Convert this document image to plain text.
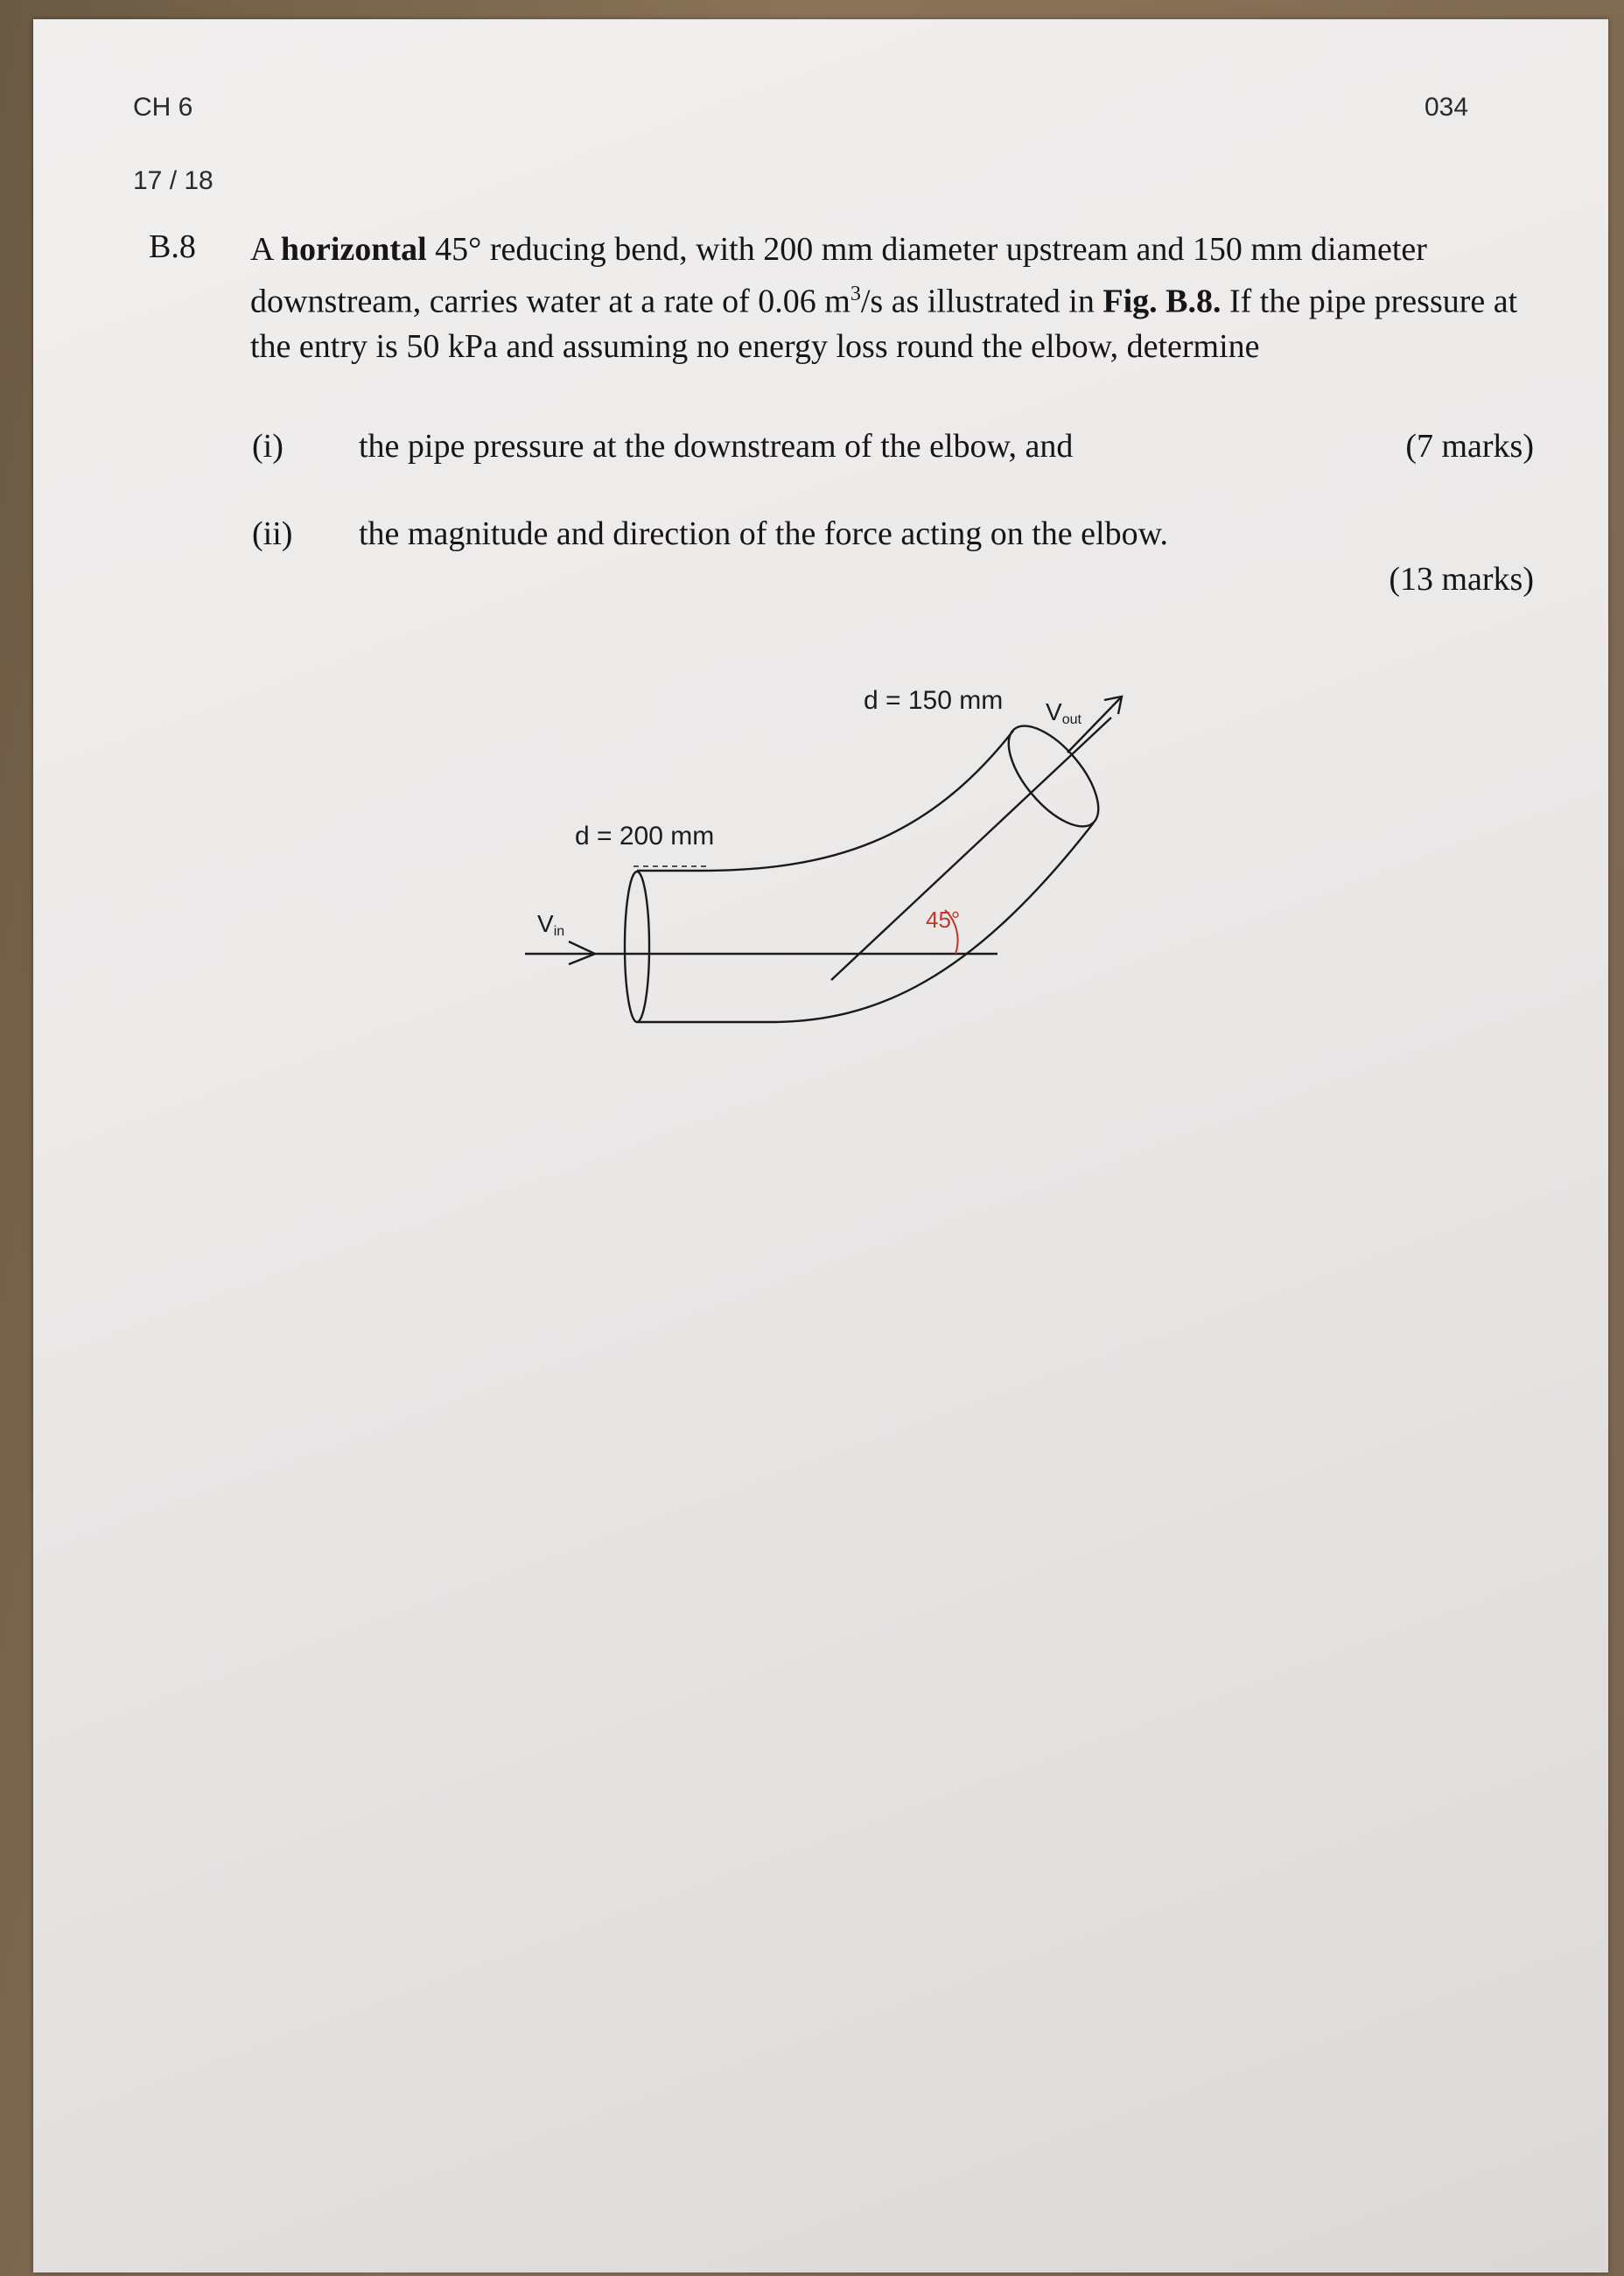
CH 6	034
17 / 18
B.8 A horizontal 45° reducing bend, with 200 mm diameter upstream and 150 mm diameter downstream, carries water at a rate of 0.06 $m^3/s$ as illustrated in Fig. B.8. If the pipe pressure at the entry is 50 kPa and assuming no energy loss round the elbow, determine
(i) the pipe pressure at the downstream of the elbow, and	(7 marks)
(ii) the magnitude and direction of the force acting on the elbow.
(13 marks)
d = 150 mm
d = 200 mm
Vin
Vout
45°
